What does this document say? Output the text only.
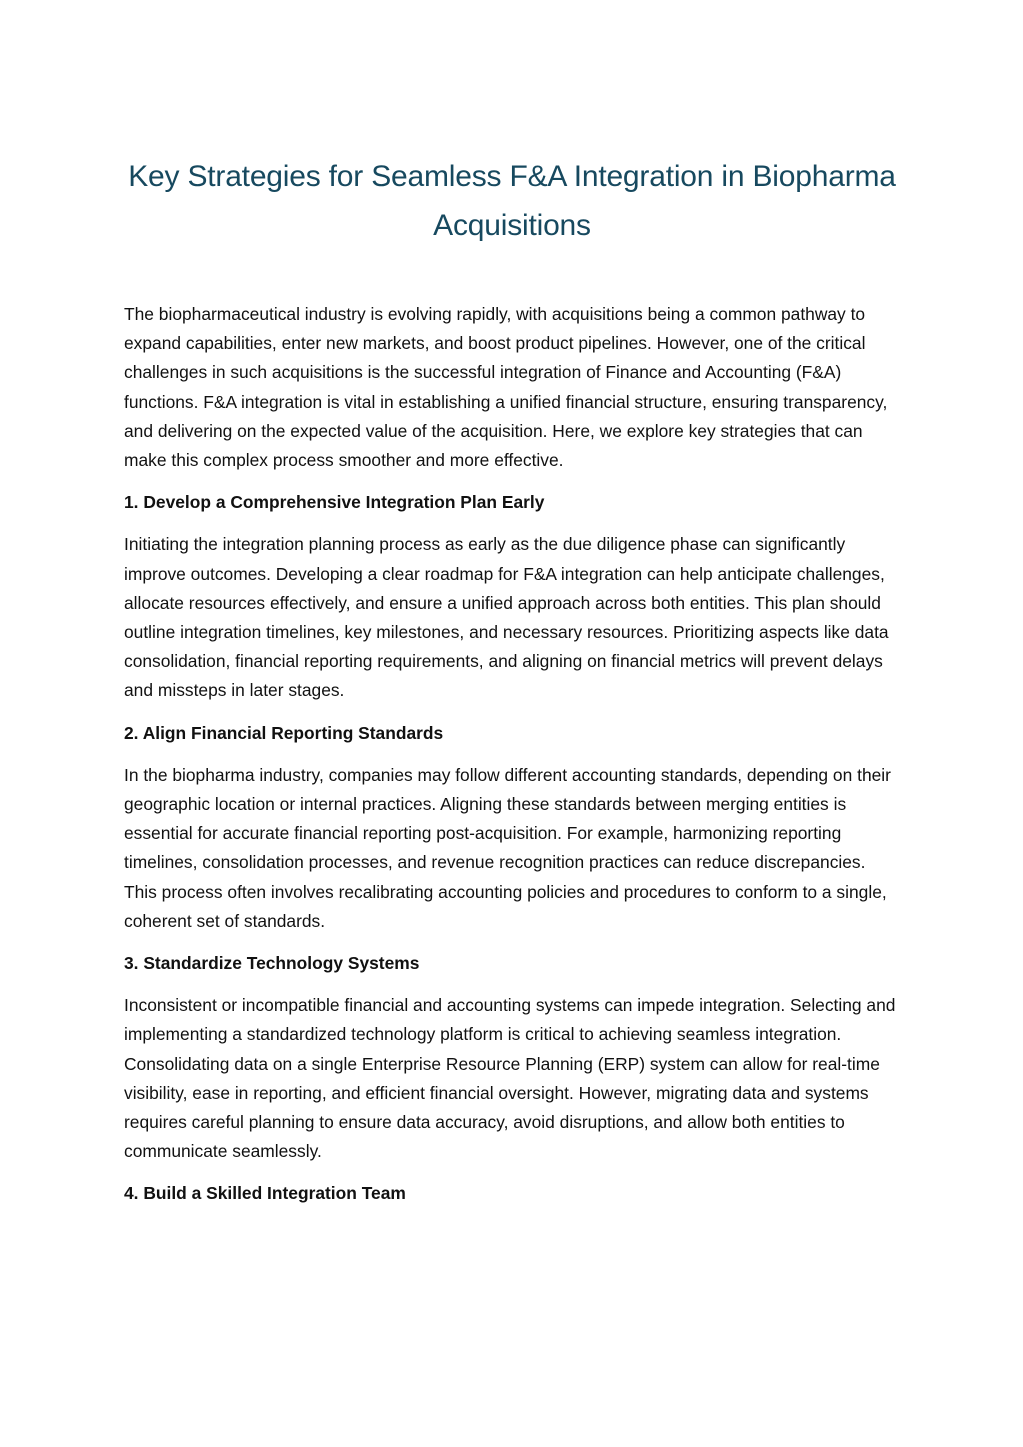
Key Strategies for Seamless F&A Integration in Biopharma Acquisitions

The biopharmaceutical industry is evolving rapidly, with acquisitions being a common pathway to expand capabilities, enter new markets, and boost product pipelines. However, one of the critical challenges in such acquisitions is the successful integration of Finance and Accounting (F&A) functions. F&A integration is vital in establishing a unified financial structure, ensuring transparency, and delivering on the expected value of the acquisition. Here, we explore key strategies that can make this complex process smoother and more effective.

1. Develop a Comprehensive Integration Plan Early

Initiating the integration planning process as early as the due diligence phase can significantly improve outcomes. Developing a clear roadmap for F&A integration can help anticipate challenges, allocate resources effectively, and ensure a unified approach across both entities. This plan should outline integration timelines, key milestones, and necessary resources. Prioritizing aspects like data consolidation, financial reporting requirements, and aligning on financial metrics will prevent delays and missteps in later stages.

2. Align Financial Reporting Standards

In the biopharma industry, companies may follow different accounting standards, depending on their geographic location or internal practices. Aligning these standards between merging entities is essential for accurate financial reporting post-acquisition. For example, harmonizing reporting timelines, consolidation processes, and revenue recognition practices can reduce discrepancies. This process often involves recalibrating accounting policies and procedures to conform to a single, coherent set of standards.

3. Standardize Technology Systems

Inconsistent or incompatible financial and accounting systems can impede integration. Selecting and implementing a standardized technology platform is critical to achieving seamless integration. Consolidating data on a single Enterprise Resource Planning (ERP) system can allow for real-time visibility, ease in reporting, and efficient financial oversight. However, migrating data and systems requires careful planning to ensure data accuracy, avoid disruptions, and allow both entities to communicate seamlessly.

4. Build a Skilled Integration Team
